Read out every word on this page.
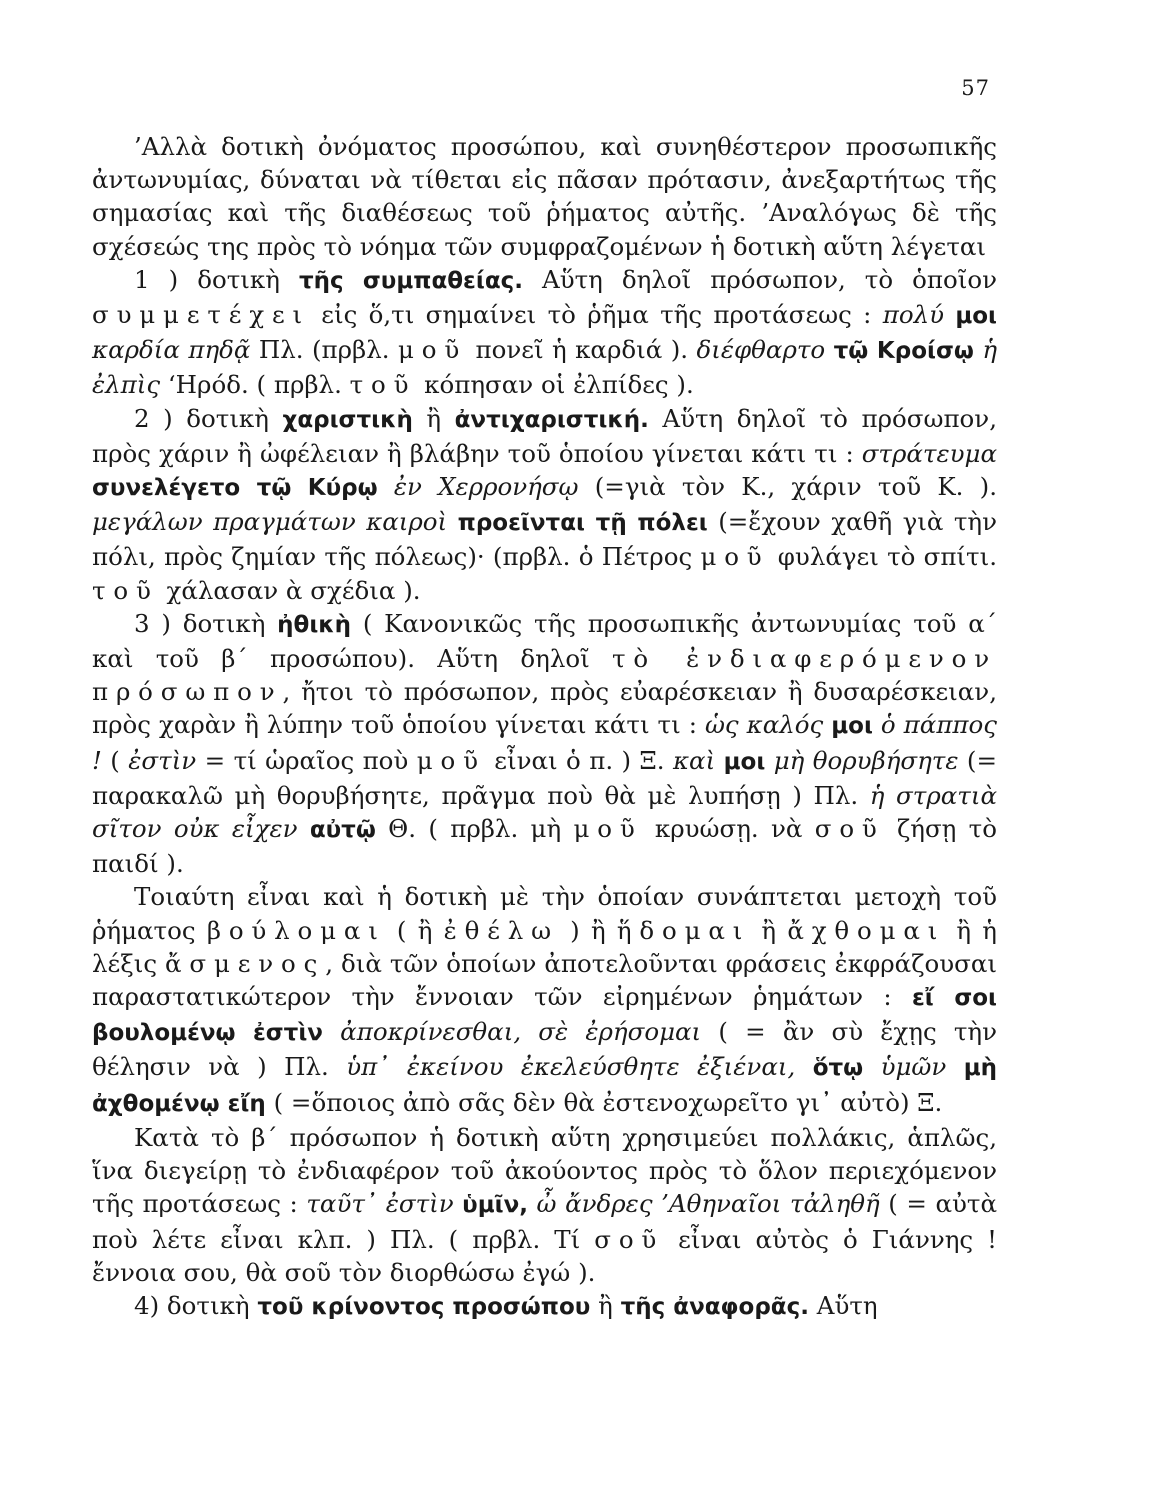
57

’Αλλὰ δοτικὴ ὀνόματος προσώπου, καὶ συνηθέστερον προσωπικῆς ἀντωνυμίας, δύναται νὰ τίθεται εἰς πᾶσαν πρότασιν, ἀνεξαρτήτως τῆς σημασίας καὶ τῆς διαθέσεως τοῦ ῥήματος αὐτῆς. ’Αναλόγως δὲ τῆς σχέσεώς της πρὸς τὸ νόημα τῶν συμφραζομένων ἡ δοτικὴ αὕτη λέγεται

1 ) δοτικὴ τῆς συμπαθείας. Αὕτη δηλοῖ πρόσωπον, τὸ ὁποῖον συμμετέχει εἰς ὅ,τι σημαίνει τὸ ῥῆμα τῆς προτάσεως : πολύ μοι καρδία πηδᾷ Πλ. (πρβλ. μοῦ πονεῖ ἡ καρδιά ). διέφθαρτο τῷ Κροίσῳ ἡ ἐλπὶς ‘Ηρόδ. ( πρβλ. τοῦ κόπησαν οἱ ἐλπίδες ).

2 ) δοτικὴ χαριστικὴ ἢ ἀντιχαριστική. Αὕτη δηλοῖ τὸ πρόσωπον, πρὸς χάριν ἢ ὠφέλειαν ἢ βλάβην τοῦ ὁποίου γίνεται κάτι τι : στράτευμα συνελέγετο τῷ Κύρῳ ἐν Χερρονήσῳ (=γιὰ τὸν Κ., χάριν τοῦ Κ. ). μεγάλων πραγμάτων καιροὶ προεῖνται τῇ πόλει (=ἔχουν χαθῆ γιὰ τὴν πόλι, πρὸς ζημίαν τῆς πόλεως)· (πρβλ. ὁ Πέτρος μοῦ φυλάγει τὸ σπίτι. τοῦ χάλασαν ὰ σχέδια ).

3 ) δοτικὴ ἠθικὴ ( Κανονικῶς τῆς προσωπικῆς ἀντωνυμίας τοῦ α΄ καὶ τοῦ β΄ προσώπου). Αὕτη δηλοῖ τὸ ἐνδιαφερόμενον πρόσωπον, ἤτοι τὸ πρόσωπον, πρὸς εὐαρέσκειαν ἢ δυσαρέσκειαν, πρὸς χαρὰν ἢ λύπην τοῦ ὁποίου γίνεται κάτι τι : ὡς καλός μοι ὁ πάππος ! ( ἐστὶν = τί ὡραῖος ποὺ μοῦ εἶναι ὁ π. ) Ξ. καὶ μοι μὴ θορυβήσητε (= παρακαλῶ μὴ θορυβήσητε, πρᾶγμα ποὺ θὰ μὲ λυπήσῃ ) Πλ. ἡ στρατιὰ σῖτον οὐκ εἶχεν αὐτῷ Θ. ( πρβλ. μὴ μοῦ κρυώσῃ. νὰ σοῦ ζήσῃ τὸ παιδί ).

Τοιαύτη εἶναι καὶ ἡ δοτικὴ μὲ τὴν ὁποίαν συνάπτεται μετοχὴ τοῦ ῥήματος βούλομαι ( ἢ ἐθέλω ) ἢ ἥδομαι ἢ ἄχθομαι ἢ ἡ λέξις ἄσμενος, διὰ τῶν ὁποίων ἀποτελοῦνται φράσεις ἐκφράζουσαι παραστατικώτερον τὴν ἔννοιαν τῶν εἰρημένων ῥημάτων : εἴ σοι βουλομένῳ ἐστὶν ἀποκρίνεσθαι, σὲ ἐρήσομαι ( = ἂν σὺ ἔχῃς τὴν θέλησιν νὰ ) Πλ. ὑπ᾽ ἐκείνου ἐκελεύσθητε ἐξιέναι, ὅτῳ ὑμῶν μὴ ἀχθομένῳ εἴη ( =ὅποιος ἀπὸ σᾶς δὲν θὰ ἐστενοχωρεῖτο γι᾽ αὐτὸ) Ξ.

Κατὰ τὸ β΄ πρόσωπον ἡ δοτικὴ αὕτη χρησιμεύει πολλάκις, ἁπλῶς, ἵνα διεγείρῃ τὸ ἐνδιαφέρον τοῦ ἀκούοντος πρὸς τὸ ὅλον περιεχόμενον τῆς προτάσεως : ταῦτ᾽ ἐστὶν ὑμῖν, ὦ ἄνδρες ’Αθηναῖοι τἀληθῆ ( = αὐτὰ ποὺ λέτε εἶναι κλπ. ) Πλ. ( πρβλ. Τί σοῦ εἶναι αὐτὸς ὁ Γιάννης ! ἔννοια σου, θὰ σοῦ τὸν διορθώσω ἐγώ ).

4) δοτικὴ τοῦ κρίνοντος προσώπου ἢ τῆς ἀναφορᾶς. Αὕτη
